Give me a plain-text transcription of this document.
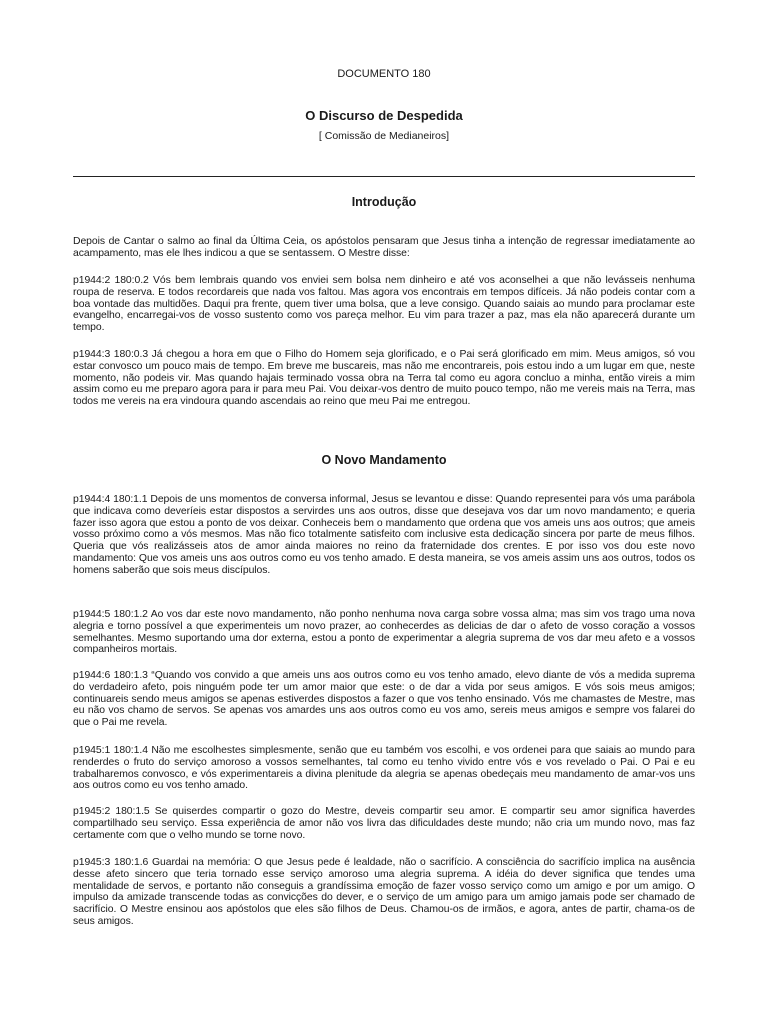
DOCUMENTO 180
O Discurso de Despedida
[ Comissão de Medianeiros]
Introdução

Depois de Cantar o salmo ao final da Última Ceia, os apóstolos pensaram que Jesus tinha a intenção de regressar imediatamente ao acampamento, mas ele lhes indicou a que se sentassem. O Mestre disse:

p1944:2 180:0.2 Vós bem lembrais quando vos enviei sem bolsa nem dinheiro e até vos aconselhei a que não levásseis nenhuma roupa de reserva. E todos recordareis que nada vos faltou. Mas agora vos encontrais em tempos difíceis. Já não podeis contar com a boa vontade das multidões. Daqui pra frente, quem tiver uma bolsa, que a leve consigo. Quando saiais ao mundo para proclamar este evangelho, encarregai-vos de vosso sustento como vos pareça melhor. Eu vim para trazer a paz, mas ela não aparecerá durante um tempo.

p1944:3 180:0.3 Já chegou a hora em que o Filho do Homem seja glorificado, e o Pai será glorificado em mim. Meus amigos, só vou estar convosco um pouco mais de tempo. Em breve me buscareis, mas não me encontrareis, pois estou indo a um lugar em que, neste momento, não podeis vir. Mas quando hajais terminado vossa obra na Terra tal como eu agora concluo a minha, então vireis a mim assim como eu me preparo agora para ir para meu Pai. Vou deixar-vos dentro de muito pouco tempo, não me vereis mais na Terra, mas todos me vereis na era vindoura quando ascendais ao reino que meu Pai me entregou.

O Novo Mandamento

p1944:4 180:1.1 Depois de uns momentos de conversa informal, Jesus se levantou e disse: Quando representei para vós uma parábola que indicava como deveríeis estar dispostos a servirdes uns aos outros, disse que desejava vos dar um novo mandamento; e queria fazer isso agora que estou a ponto de vos deixar. Conheceis bem o mandamento que ordena que vos ameis uns aos outros; que ameis vosso próximo como a vós mesmos. Mas não fico totalmente satisfeito com inclusive esta dedicação sincera por parte de meus filhos. Queria que vós realizásseis atos de amor ainda maiores no reino da fraternidade dos crentes. E por isso vos dou este novo mandamento: Que vos ameis uns aos outros como eu vos tenho amado. E desta maneira, se vos ameis assim uns aos outros, todos os homens saberão que sois meus discípulos.

p1944:5 180:1.2 Ao vos dar este novo mandamento, não ponho nenhuma nova carga sobre vossa alma; mas sim vos trago uma nova alegria e torno possível a que experimenteis um novo prazer, ao conhecerdes as delicias de dar o afeto de vosso coração a vossos semelhantes. Mesmo suportando uma dor externa, estou a ponto de experimentar a alegria suprema de vos dar meu afeto e a vossos companheiros mortais.

p1944:6 180:1.3 “Quando vos convido a que ameis uns aos outros como eu vos tenho amado, elevo diante de vós a medida suprema do verdadeiro afeto, pois ninguém pode ter um amor maior que este: o de dar a vida por seus amigos. E vós sois meus amigos; continuareis sendo meus amigos se apenas estiverdes dispostos a fazer o que vos tenho ensinado. Vós me chamastes de Mestre, mas eu não vos chamo de servos. Se apenas vos amardes uns aos outros como eu vos amo, sereis meus amigos e sempre vos falarei do que o Pai me revela.

p1945:1 180:1.4 Não me escolhestes simplesmente, senão que eu também vos escolhi, e vos ordenei para que saiais ao mundo para renderdes o fruto do serviço amoroso a vossos semelhantes, tal como eu tenho vivido entre vós e vos revelado o Pai. O Pai e eu trabalharemos convosco, e vós experimentareis a divina plenitude da alegria se apenas obedeçais meu mandamento de amar-vos uns aos outros como eu vos tenho amado.

p1945:2 180:1.5 Se quiserdes compartir o gozo do Mestre, deveis compartir seu amor. E compartir seu amor significa haverdes compartilhado seu serviço. Essa experiência de amor não vos livra das dificuldades deste mundo; não cria um mundo novo, mas faz certamente com que o velho mundo se torne novo.

p1945:3 180:1.6 Guardai na memória: O que Jesus pede é lealdade, não o sacrifício. A consciência do sacrifício implica na ausência desse afeto sincero que teria tornado esse serviço amoroso uma alegria suprema. A idéia do dever significa que tendes uma mentalidade de servos, e portanto não conseguis a grandíssima emoção de fazer vosso serviço como um amigo e por um amigo. O impulso da amizade transcende todas as convicções do dever, e o serviço de um amigo para um amigo jamais pode ser chamado de sacrifício. O Mestre ensinou aos apóstolos que eles são filhos de Deus. Chamou-os de irmãos, e agora, antes de partir, chama-os de seus amigos.
